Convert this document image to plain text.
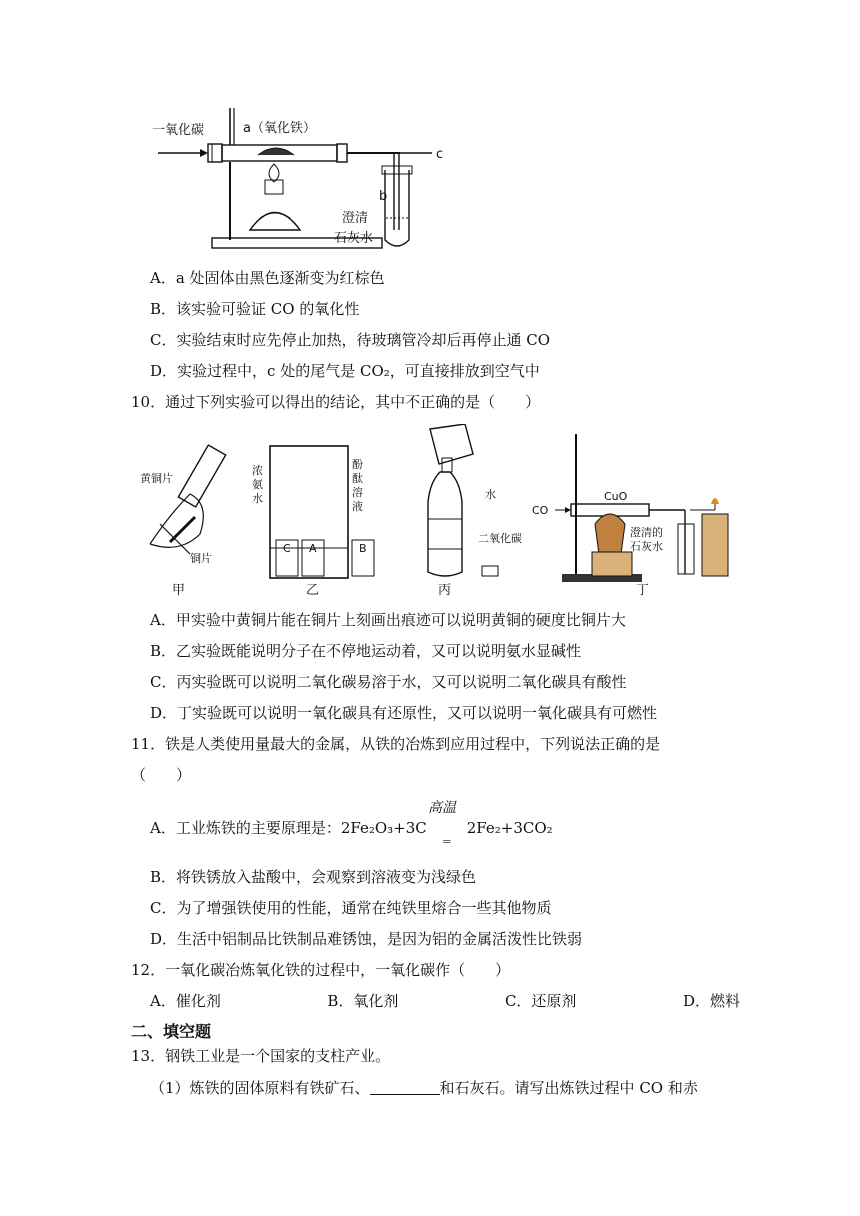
一氧化碳	a（氧化铁）
c
b
澄清
石灰水
A．a 处固体由黑色逐渐变为红棕色
B．该实验可验证 CO 的氧化性
C．实验结束时应先停止加热，待玻璃管冷却后再停止通 CO
D．实验过程中，c 处的尾气是 CO₂，可直接排放到空气中
10．通过下列实验可以得出的结论，其中不正确的是（　　）
黄铜片
铜片
甲
C A	B
浓
氨
水
酚
酞
溶
液
乙
水
二氧化碳
丙
CO
CuO
澄清的
石灰水
丁
A．甲实验中黄铜片能在铜片上刻画出痕迹可以说明黄铜的硬度比铜片大
B．乙实验既能说明分子在不停地运动着，又可以说明氨水显碱性
C．丙实验既可以说明二氧化碳易溶于水，又可以说明二氧化碳具有酸性
D．丁实验既可以说明一氧化碳具有还原性，又可以说明一氧化碳具有可燃性
11．铁是人类使用量最大的金属，从铁的冶炼到应用过程中，下列说法正确的是
（　　）
高温
A．工业炼铁的主要原理是：2Fe₂O₃+3C ‗ 2Fe₂+3CO₂
B．将铁锈放入盐酸中，会观察到溶液变为浅绿色
C．为了增强铁使用的性能，通常在纯铁里熔合一些其他物质
D．生活中铝制品比铁制品难锈蚀，是因为铝的金属活泼性比铁弱
12．一氧化碳冶炼氧化铁的过程中，一氧化碳作（　　）
A．催化剂	B．氧化剂	C．还原剂	D．燃料
二、填空题
13．钢铁工业是一个国家的支柱产业。
（1）炼铁的固体原料有铁矿石、	和石灰石。请写出炼铁过程中 CO 和赤
